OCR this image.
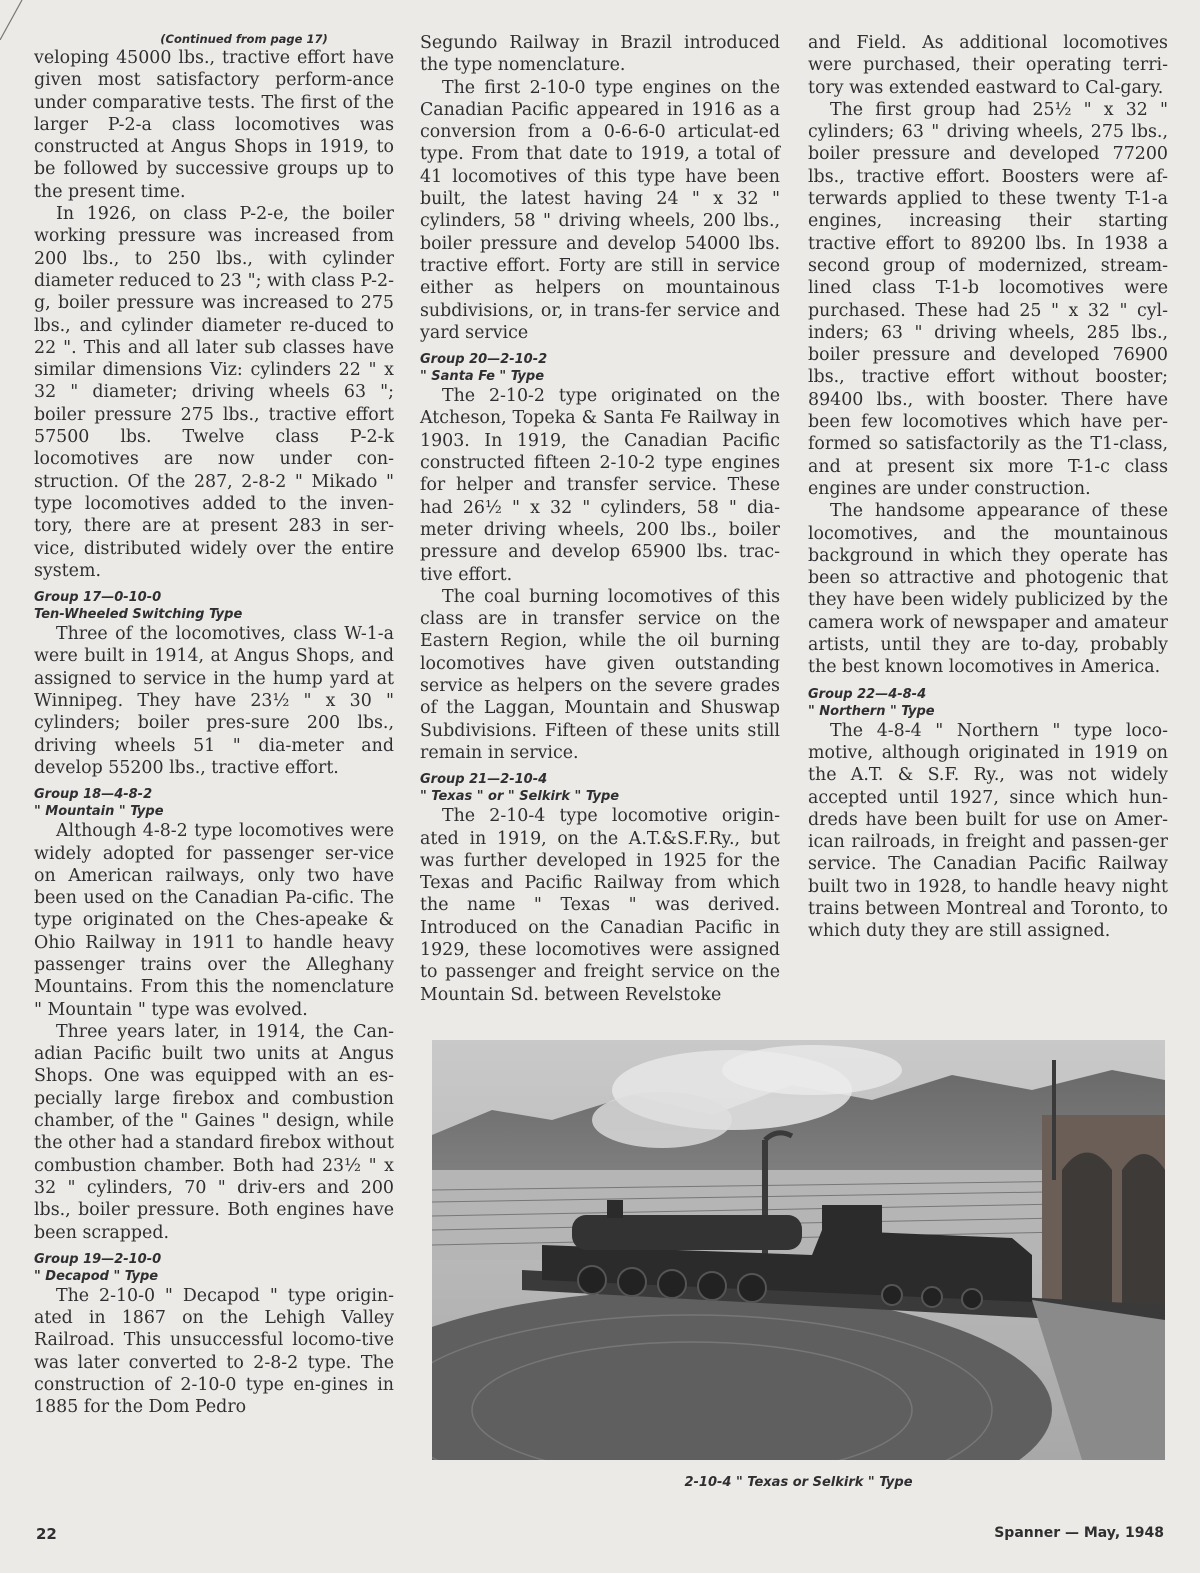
(Continued from page 17)

veloping 45000 lbs., tractive effort have given most satisfactory perform-ance under comparative tests. The first of the larger P-2-a class locomotives was constructed at Angus Shops in 1919, to be followed by successive groups up to the present time.

In 1926, on class P-2-e, the boiler working pressure was increased from 200 lbs., to 250 lbs., with cylinder diameter reduced to 23 "; with class P-2-g, boiler pressure was increased to 275 lbs., and cylinder diameter re-duced to 22 ". This and all later sub classes have similar dimensions Viz: cylinders 22 " x 32 " diameter; driving wheels 63 "; boiler pressure 275 lbs., tractive effort 57500 lbs. Twelve class P-2-k locomotives are now under con-struction. Of the 287, 2-8-2 " Mikado " type locomotives added to the inven-tory, there are at present 283 in ser-vice, distributed widely over the entire system.

Group 17—0-10-0
Ten-Wheeled Switching Type

Three of the locomotives, class W-1-a were built in 1914, at Angus Shops, and assigned to service in the hump yard at Winnipeg. They have 23½ " x 30 " cylinders; boiler pres-sure 200 lbs., driving wheels 51 " dia-meter and develop 55200 lbs., tractive effort.

Group 18—4-8-2
" Mountain " Type

Although 4-8-2 type locomotives were widely adopted for passenger ser-vice on American railways, only two have been used on the Canadian Pa-cific. The type originated on the Ches-apeake & Ohio Railway in 1911 to handle heavy passenger trains over the Alleghany Mountains. From this the nomenclature " Mountain " type was evolved.

Three years later, in 1914, the Can-adian Pacific built two units at Angus Shops. One was equipped with an es-pecially large firebox and combustion chamber, of the " Gaines " design, while the other had a standard firebox without combustion chamber. Both had 23½ " x 32 " cylinders, 70 " driv-ers and 200 lbs., boiler pressure. Both engines have been scrapped.

Group 19—2-10-0
" Decapod " Type

The 2-10-0 " Decapod " type origin-ated in 1867 on the Lehigh Valley Railroad. This unsuccessful locomo-tive was later converted to 2-8-2 type. The construction of 2-10-0 type en-gines in 1885 for the Dom Pedro

Segundo Railway in Brazil introduced the type nomenclature.

The first 2-10-0 type engines on the Canadian Pacific appeared in 1916 as a conversion from a 0-6-6-0 articulat-ed type. From that date to 1919, a total of 41 locomotives of this type have been built, the latest having 24 " x 32 " cylinders, 58 " driving wheels, 200 lbs., boiler pressure and develop 54000 lbs. tractive effort. Forty are still in service either as helpers on mountainous subdivisions, or, in trans-fer service and yard service

Group 20—2-10-2
" Santa Fe " Type

The 2-10-2 type originated on the Atcheson, Topeka & Santa Fe Railway in 1903. In 1919, the Canadian Pacific constructed fifteen 2-10-2 type engines for helper and transfer service. These had 26½ " x 32 " cylinders, 58 " dia-meter driving wheels, 200 lbs., boiler pressure and develop 65900 lbs. trac-tive effort.

The coal burning locomotives of this class are in transfer service on the Eastern Region, while the oil burning locomotives have given outstanding service as helpers on the severe grades of the Laggan, Mountain and Shuswap Subdivisions. Fifteen of these units still remain in service.

Group 21—2-10-4
" Texas " or " Selkirk " Type

The 2-10-4 type locomotive origin-ated in 1919, on the A.T.&S.F.Ry., but was further developed in 1925 for the Texas and Pacific Railway from which the name " Texas " was derived. Introduced on the Canadian Pacific in 1929, these locomotives were assigned to passenger and freight service on the Mountain Sd. between Revelstoke

and Field. As additional locomotives were purchased, their operating terri-tory was extended eastward to Cal-gary.

The first group had 25½ " x 32 " cylinders; 63 " driving wheels, 275 lbs., boiler pressure and developed 77200 lbs., tractive effort. Boosters were af-terwards applied to these twenty T-1-a engines, increasing their starting tractive effort to 89200 lbs. In 1938 a second group of modernized, stream-lined class T-1-b locomotives were purchased. These had 25 " x 32 " cyl-inders; 63 " driving wheels, 285 lbs., boiler pressure and developed 76900 lbs., tractive effort without booster; 89400 lbs., with booster. There have been few locomotives which have per-formed so satisfactorily as the T1-class, and at present six more T-1-c class engines are under construction.

The handsome appearance of these locomotives, and the mountainous background in which they operate has been so attractive and photogenic that they have been widely publicized by the camera work of newspaper and amateur artists, until they are to-day, probably the best known locomotives in America.

Group 22—4-8-4
" Northern " Type

The 4-8-4 " Northern " type loco-motive, although originated in 1919 on the A.T. & S.F. Ry., was not widely accepted until 1927, since which hun-dreds have been built for use on Amer-ican railroads, in freight and passen-ger service. The Canadian Pacific Railway built two in 1928, to handle heavy night trains between Montreal and Toronto, to which duty they are still assigned.

2-10-4 " Texas or Selkirk " Type
22	Spanner — May, 1948
